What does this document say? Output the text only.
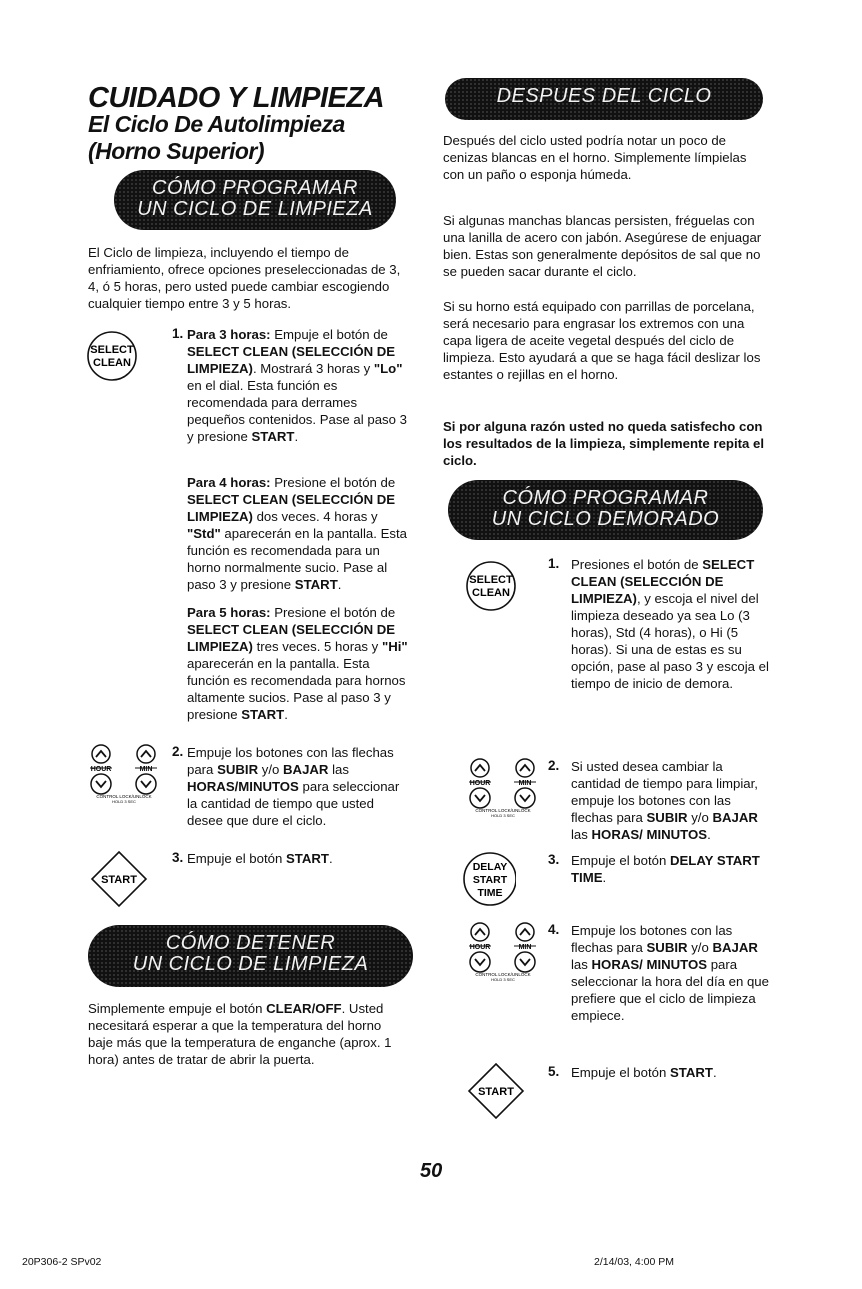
CUIDADO Y LIMPIEZA
El Ciclo De Autolimpieza
(Horno Superior)
CÓMO PROGRAMAR
UN CICLO DE LIMPIEZA
El Ciclo de limpieza, incluyendo el tiempo de enfriamiento, ofrece opciones preseleccionadas de 3, 4, ó 5 horas, pero usted puede cambiar escogiendo cualquier tiempo entre 3 y 5 horas.
SELECT
CLEAN
1. Para 3 horas: Empuje el botón de SELECT CLEAN (SELECCIÓN DE LIMPIEZA). Mostrará 3 horas y "Lo" en el dial. Esta función es recomendada para derrames pequeños contenidos. Pase al paso 3 y presione START.
Para 4 horas: Presione el botón de SELECT CLEAN (SELECCIÓN DE LIMPIEZA) dos veces. 4 horas y "Std" aparecerán en la pantalla. Esta función es recomendada para un horno normalmente sucio. Pase al paso 3 y presione START.
Para 5 horas: Presione el botón de SELECT CLEAN (SELECCIÓN DE LIMPIEZA) tres veces. 5 horas y "Hi" aparecerán en la pantalla. Esta función es recomendada para hornos altamente sucios. Pase al paso 3 y presione START.
HOUR	MIN
CONTROL LOCK/UNLOCK
HOLD 3 SEC
2. Empuje los botones con las flechas para SUBIR y/o BAJAR las HORAS/MINUTOS para seleccionar la cantidad de tiempo que usted desee que dure el ciclo.
START
3. Empuje el botón START.
CÓMO DETENER
UN CICLO DE LIMPIEZA
Simplemente empuje el botón CLEAR/OFF. Usted necesitará esperar a que la temperatura del horno baje más que la temperatura de enganche (aprox. 1 hora) antes de tratar de abrir la puerta.
DESPUES DEL CICLO
Después del ciclo usted podría notar un poco de cenizas blancas en el horno. Simplemente límpielas con un paño o esponja húmeda.
Si algunas manchas blancas persisten, fréguelas con una lanilla de acero con jabón. Asegúrese de enjuagar bien. Estas son generalmente depósitos de sal que no se pueden sacar durante el ciclo.
Si su horno está equipado con parrillas de porcelana, será necesario para engrasar los extremos con una capa ligera de aceite vegetal después del ciclo de limpieza. Esto ayudará a que se haga fácil deslizar los estantes o rejillas en el horno.
Si por alguna razón usted no queda satisfecho con los resultados de la limpieza, simplemente repita el ciclo.
CÓMO PROGRAMAR
UN CICLO DEMORADO
SELECT
CLEAN
1. Presiones el botón de SELECT CLEAN (SELECCIÓN DE LIMPIEZA), y escoja el nivel del limpieza deseado ya sea Lo (3 horas), Std (4 horas), o Hi (5 horas). Si una de estas es su opción, pase al paso 3 y escoja el tiempo de inicio de demora.
HOUR	MIN
CONTROL LOCK/UNLOCK
HOLD 3 SEC
2. Si usted desea cambiar la cantidad de tiempo para limpiar, empuje los botones con las flechas para SUBIR y/o BAJAR las HORAS/ MINUTOS.
DELAY
START
TIME
3. Empuje el botón DELAY START TIME.
HOUR	MIN
CONTROL LOCK/UNLOCK
HOLD 3 SEC
4. Empuje los botones con las flechas para SUBIR y/o BAJAR las HORAS/ MINUTOS para seleccionar la hora del día en que prefiere que el ciclo de limpieza empiece.
START
5. Empuje el botón START.
50
20P306-2 SPv02	2/14/03, 4:00 PM
